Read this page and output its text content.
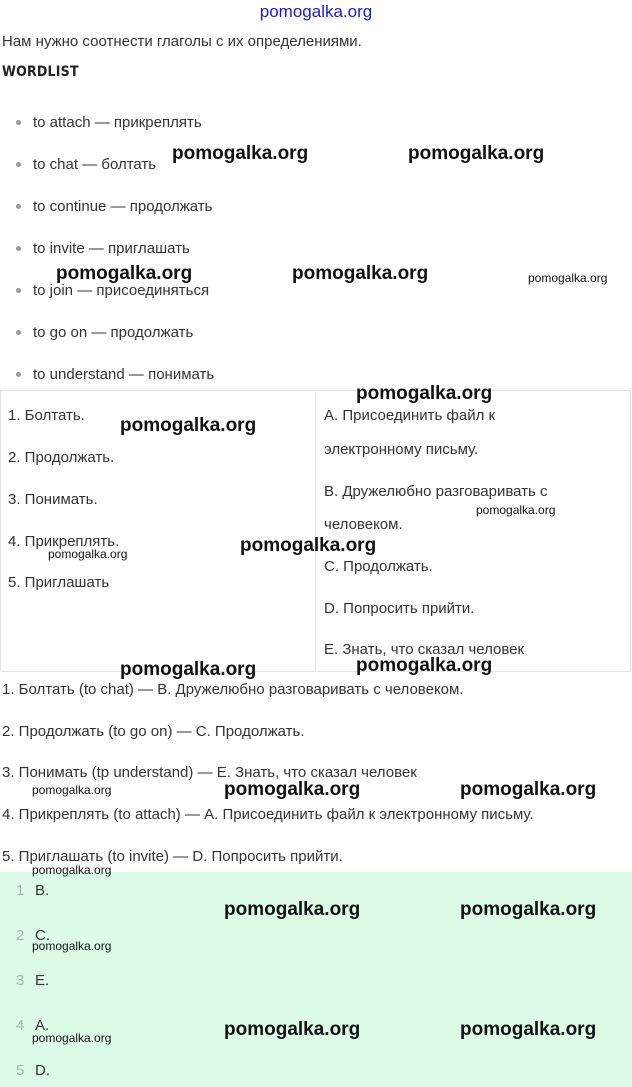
pomogalka.org
Нам нужно соотнести глаголы с их определениями.
WORDLIST
to attach — прикреплять
to chat — болтать
to continue — продолжать
to invite — приглашать
to join — присоединяться
to go on — продолжать
to understand — понимать
1. Болтать.
2. Продолжать.
3. Понимать.
4. Прикреплять.
5. Приглашать
A. Присоединить файл к
электронному письму.
B. Дружелюбно разговаривать с
человеком.
C. Продолжать.
D. Попросить прийти.
E. Знать, что сказал человек
1. Болтать (to chat) — B. Дружелюбно разговаривать с человеком.
2. Продолжать (to go on) — C. Продолжать.
3. Понимать (tp understand) — E. Знать, что сказал человек
4. Прикреплять (to attach) — A. Присоединить файл к электронному письму.
5. Приглашать (to invite) — D. Попросить прийти.
1 B.
2 C.
3 E.
4 A.
5 D.
pomogalka.org	pomogalka.org
pomogalka.org	pomogalka.org	pomogalka.org
pomogalka.org
pomogalka.org
pomogalka.org
pomogalka.org
pomogalka.org
pomogalka.org
pomogalka.org
pomogalka.org	pomogalka.org	pomogalka.org
pomogalka.org
pomogalka.org	pomogalka.org
pomogalka.org
pomogalka.org	pomogalka.org
pomogalka.org
